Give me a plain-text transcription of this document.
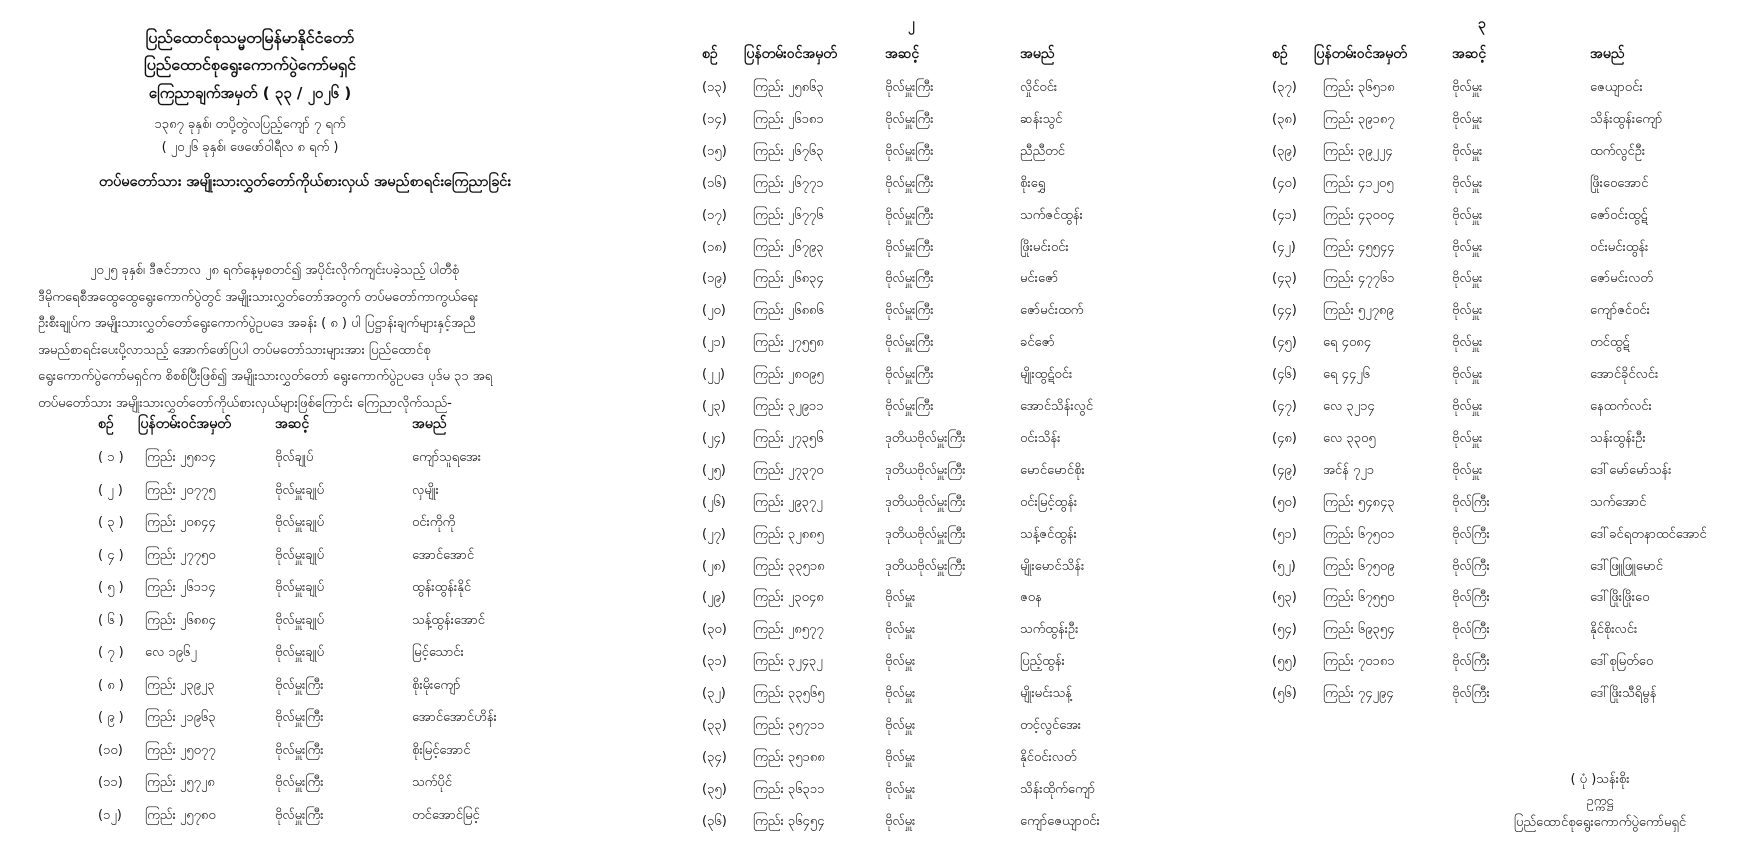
ပြည်ထောင်စုသမ္မတမြန်မာနိုင်ငံတော်
ပြည်ထောင်စုရွေးကောက်ပွဲကော်မရှင်
ကြေညာချက်အမှတ် ( ၃၃ / ၂၀၂၆ )
၁၃၈၇ ခုနှစ်၊ တပို့တွဲလပြည့်ကျော် ၇ ရက်
( ၂၀၂၆ ခုနှစ်၊ ဖေဖော်ဝါရီလ ၈ ရက် )
တပ်မတော်သား အမျိုးသားလွှတ်တော်ကိုယ်စားလှယ် အမည်စာရင်းကြေညာခြင်း
၂၀၂၅ ခုနှစ်၊ ဒီဇင်ဘာလ ၂၈ ရက်နေ့မှစတင်၍ အပိုင်းလိုက်ကျင်းပခဲ့သည့် ပါတီစုံ
ဒီမိုကရေစီအထွေထွေရွေးကောက်ပွဲတွင် အမျိုးသားလွှတ်တော်အတွက် တပ်မတော်ကာကွယ်ရေး
ဦးစီးချုပ်က အမျိုးသားလွှတ်တော်ရွေးကောက်ပွဲဥပဒေ အခန်း ( ၈ ) ပါ ပြဋ္ဌာန်းချက်များနှင့်အညီ
အမည်စာရင်းပေးပို့လာသည့် အောက်ဖော်ပြပါ တပ်မတော်သားများအား ပြည်ထောင်စု
ရွေးကောက်ပွဲကော်မရှင်က စိစစ်ပြီးဖြစ်၍ အမျိုးသားလွှတ်တော် ရွေးကောက်ပွဲဥပဒေ ပုဒ်မ ၃၁ အရ
တပ်မတော်သား အမျိုးသားလွှတ်တော်ကိုယ်စားလှယ်များဖြစ်ကြောင်း ကြေညာလိုက်သည်-
၂	၃
စဉ် ပြန်တမ်းဝင်အမှတ်	အဆင့်	အမည်
စဉ် ပြန်တမ်းဝင်အမှတ်	အဆင့်	အမည်	စဉ် ပြန်တမ်းဝင်အမှတ်	အဆင့်	အမည်
( ၁ ) ကြည်း ၂၅၈၁၄	ဗိုလ်ချုပ်	ကျော်သူရအေး
( ၂ ) ကြည်း ၂၀၇၇၅	ဗိုလ်မှူးချုပ်	လှမျိုး
( ၃ ) ကြည်း ၂၀၈၄၄	ဗိုလ်မှူးချုပ်	ဝင်းကိုကို
( ၄ ) ကြည်း ၂၇၇၅၀	ဗိုလ်မှူးချုပ်	အောင်အောင်
( ၅ ) ကြည်း ၂၆၁၁၄	ဗိုလ်မှူးချုပ်	ထွန်းထွန်းနိုင်
( ၆ ) ကြည်း ၂၆၈၈၄	ဗိုလ်မှူးချုပ်	သန့်ထွန်းအောင်
( ၇ ) လေ ၁၉၆၂	ဗိုလ်မှူးချုပ်	မြင့်သောင်း
( ၈ ) ကြည်း ၂၃၉၂၃	ဗိုလ်မှူးကြီး	စိုးမိုးကျော်
( ၉ ) ကြည်း ၂၁၉၆၃	ဗိုလ်မှူးကြီး	အောင်အောင်ဟိန်း
(၁၀) ကြည်း ၂၅၀၇၇	ဗိုလ်မှူးကြီး	စိုးမြင့်အောင်
(၁၁) ကြည်း ၂၅၇၂၈	ဗိုလ်မှူးကြီး	သက်ပိုင်
(၁၂) ကြည်း ၂၅၇၈၀	ဗိုလ်မှူးကြီး	တင်အောင်မြင့်
(၁၃) ကြည်း ၂၅၈၆၃	ဗိုလ်မှူးကြီး	လှိုင်ဝင်း
(၁၄) ကြည်း ၂၆၁၈၁	ဗိုလ်မှူးကြီး	ဆန်းသွင်
(၁၅) ကြည်း ၂၆၇၆၃	ဗိုလ်မှူးကြီး	ညီညီတင်
(၁၆) ကြည်း ၂၆၇၇၁	ဗိုလ်မှူးကြီး	စိုးရွှေ
(၁၇) ကြည်း ၂၆၇၇၆	ဗိုလ်မှူးကြီး	သက်ဇင်ထွန်း
(၁၈) ကြည်း ၂၆၇၉၃	ဗိုလ်မှူးကြီး	ဖြိုးမင်းဝင်း
(၁၉) ကြည်း ၂၆၈၃၄	ဗိုလ်မှူးကြီး	မင်းဇော်
(၂၀) ကြည်း ၂၆၈၈၆	ဗိုလ်မှူးကြီး	ဇော်မင်းထက်
(၂၁) ကြည်း ၂၇၅၅၈	ဗိုလ်မှူးကြီး	ခင်ဇော်
(၂၂) ကြည်း ၂၈၀၉၅	ဗိုလ်မှူးကြီး	မျိုးထွဋ်ဝင်း
(၂၃) ကြည်း ၃၂၉၁၁	ဗိုလ်မှူးကြီး	အောင်သိန်းလွင်
(၂၄) ကြည်း ၂၇၃၅၆	ဒုတိယဗိုလ်မှူးကြီး	ဝင်းသိန်း
(၂၅) ကြည်း ၂၇၃၇၀	ဒုတိယဗိုလ်မှူးကြီး	မောင်မောင်စိုး
(၂၆) ကြည်း ၂၉၃၇၂	ဒုတိယဗိုလ်မှူးကြီး	ဝင်းမြင့်ထွန်း
(၂၇) ကြည်း ၃၂၈၈၅	ဒုတိယဗိုလ်မှူးကြီး	သန့်ဇင်ထွန်း
(၂၈) ကြည်း ၃၃၅၁၈	ဒုတိယဗိုလ်မှူးကြီး	မျိုးမောင်သိန်း
(၂၉) ကြည်း ၂၃၀၄၈	ဗိုလ်မှူး	ဇဝန
(၃၀) ကြည်း ၂၈၅၇၇	ဗိုလ်မှူး	သက်ထွန်းဦး
(၃၁) ကြည်း ၃၂၄၃၂	ဗိုလ်မှူး	ပြည့်ထွန်း
(၃၂) ကြည်း ၃၃၅၆၅	ဗိုလ်မှူး	မျိုးမင်းသန့်
(၃၃) ကြည်း ၃၅၇၁၁	ဗိုလ်မှူး	တင့်လွင်အေး
(၃၄) ကြည်း ၃၅၁၈၈	ဗိုလ်မှူး	နိုင်ဝင်းလတ်
(၃၅) ကြည်း ၃၆၃၁၁	ဗိုလ်မှူး	သိန်းထိုက်ကျော်
(၃၆) ကြည်း ၃၆၄၅၄	ဗိုလ်မှူး	ကျော်ဇေယျာဝင်း
(၃၇) ကြည်း ၃၆၅၁၈	ဗိုလ်မှူး	ဇေယျာဝင်း
(၃၈) ကြည်း ၃၉၁၈၇	ဗိုလ်မှူး	သိန်းထွန်းကျော်
(၃၉) ကြည်း ၃၉၂၂၄	ဗိုလ်မှူး	ထက်လွင်ဦး
(၄၀) ကြည်း ၄၁၂၀၅	ဗိုလ်မှူး	ဖြိုးဝေအောင်
(၄၁) ကြည်း ၄၃၀၀၄	ဗိုလ်မှူး	ဇော်ဝင်းထွဋ်
(၄၂) ကြည်း ၄၅၅၄၄	ဗိုလ်မှူး	ဝင်းမင်းထွန်း
(၄၃) ကြည်း ၄၇၇၆၁	ဗိုလ်မှူး	ဇော်မင်းလတ်
(၄၄) ကြည်း ၅၂၇၈၉	ဗိုလ်မှူး	ကျော်ဇင်ဝင်း
(၄၅) ရေ ၄၀၈၄	ဗိုလ်မှူး	တင်ထွဋ်
(၄၆) ရေ ၄၄၂၆	ဗိုလ်မှူး	အောင်ခိုင်လင်း
(၄၇) လေ ၃၂၁၄	ဗိုလ်မှူး	နေထက်လင်း
(၄၈) လေ ၃၃၀၅	ဗိုလ်မှူး	သန်းထွန်းဦး
(၄၉) အင်န် ၇၂၁	ဗိုလ်မှူး	ဒေါ်မော်မော်သန်း
(၅၀) ကြည်း ၅၄၈၄၃	ဗိုလ်ကြီး	သက်အောင်
(၅၁) ကြည်း ၆၇၅၀၁	ဗိုလ်ကြီး	ဒေါ်ခင်ရတနာထင်အောင်
(၅၂) ကြည်း ၆၇၅၀၉	ဗိုလ်ကြီး	ဒေါ်ဖြူဖြူမောင်
(၅၃) ကြည်း ၆၇၅၅၀	ဗိုလ်ကြီး	ဒေါ်ဖြိုးဖြိုးဝေ
(၅၄) ကြည်း ၆၉၃၅၄	ဗိုလ်ကြီး	နိုင်စိုးလင်း
(၅၅) ကြည်း ၇၀၁၈၁	ဗိုလ်ကြီး	ဒေါ်စုမြတ်ဝေ
(၅၆) ကြည်း ၇၄၂၉၄	ဗိုလ်ကြီး	ဒေါ်ဖြိုးသီရိမွန်
( ပုံ )သန်းစိုး
ဥက္ကဋ္ဌ
ပြည်ထောင်စုရွေးကောက်ပွဲကော်မရှင်
